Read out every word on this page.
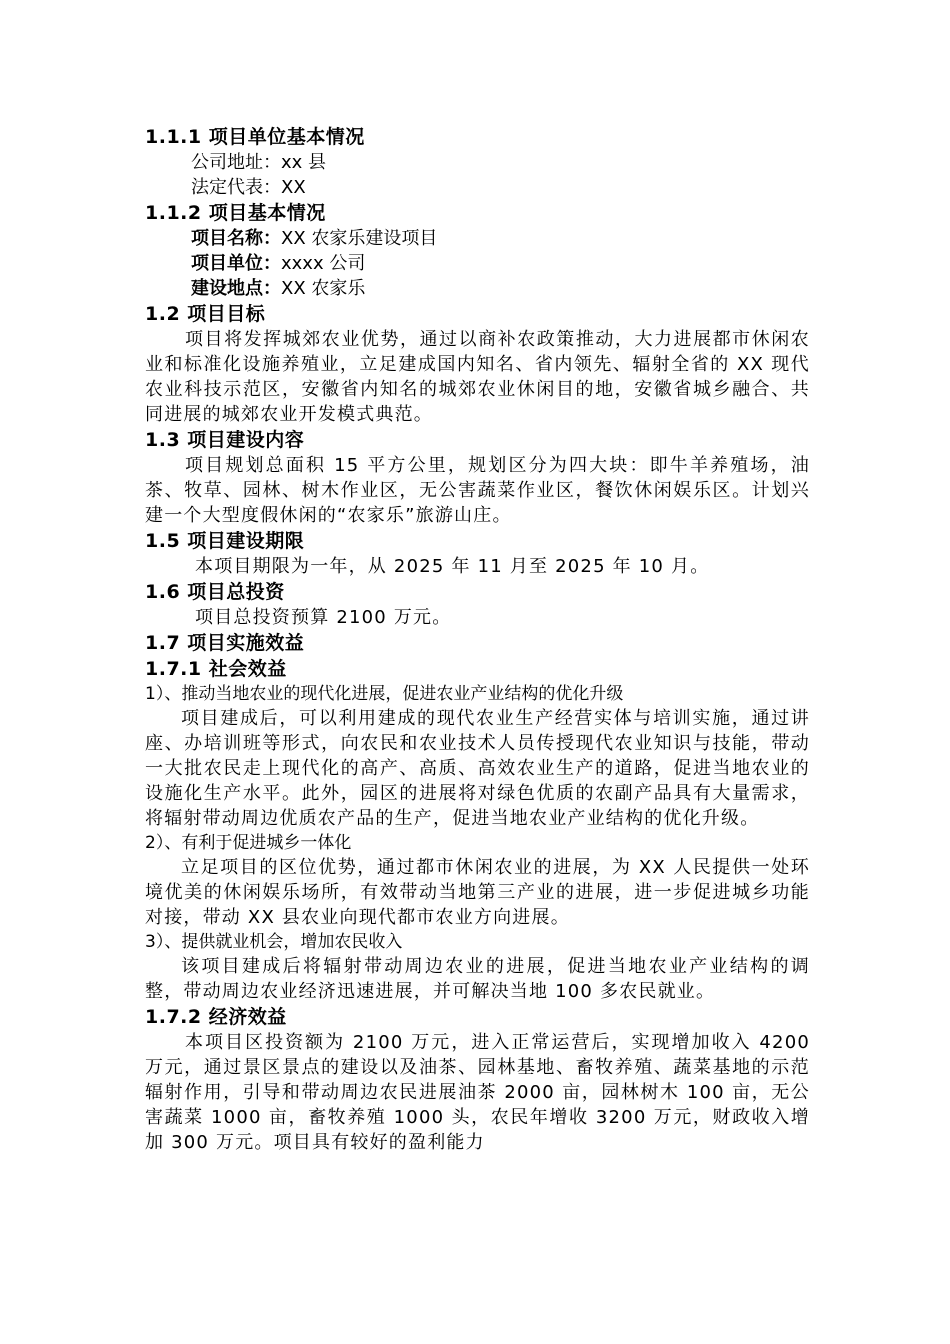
1.1.1 项目单位基本情况
公司地址：xx 县
法定代表：XX
1.1.2 项目基本情况
项目名称：XX 农家乐建设项目
项目单位：xxxx 公司
建设地点：XX 农家乐
1.2 项目目标

项目将发挥城郊农业优势，通过以商补农政策推动，大力进展都市休闲农业和标准化设施养殖业，立足建成国内知名、省内领先、辐射全省的 XX 现代农业科技示范区，安徽省内知名的城郊农业休闲目的地，安徽省城乡融合、共同进展的城郊农业开发模式典范。

1.3 项目建设内容

项目规划总面积 15 平方公里，规划区分为四大块：即牛羊养殖场，油茶、牧草、园林、树木作业区，无公害蔬菜作业区，餐饮休闲娱乐区。计划兴建一个大型度假休闲的“农家乐”旅游山庄。

1.5 项目建设期限

本项目期限为一年，从 2025 年 11 月至 2025 年 10 月。

1.6 项目总投资

项目总投资预算 2100 万元。

1.7 项目实施效益
1.7.1 社会效益
1）、推动当地农业的现代化进展，促进农业产业结构的优化升级

项目建成后，可以利用建成的现代农业生产经营实体与培训实施，通过讲座、办培训班等形式，向农民和农业技术人员传授现代农业知识与技能，带动一大批农民走上现代化的高产、高质、高效农业生产的道路，促进当地农业的设施化生产水平。此外，园区的进展将对绿色优质的农副产品具有大量需求，将辐射带动周边优质农产品的生产，促进当地农业产业结构的优化升级。

2）、有利于促进城乡一体化

立足项目的区位优势，通过都市休闲农业的进展，为 XX 人民提供一处环境优美的休闲娱乐场所，有效带动当地第三产业的进展，进一步促进城乡功能对接，带动 XX 县农业向现代都市农业方向进展。

3）、提供就业机会，增加农民收入

该项目建成后将辐射带动周边农业的进展，促进当地农业产业结构的调整，带动周边农业经济迅速进展，并可解决当地 100 多农民就业。

1.7.2 经济效益

本项目区投资额为 2100 万元，进入正常运营后，实现增加收入 4200 万元，通过景区景点的建设以及油茶、园林基地、畜牧养殖、蔬菜基地的示范辐射作用，引导和带动周边农民进展油茶 2000 亩，园林树木 100 亩，无公害蔬菜 1000 亩，畜牧养殖 1000 头，农民年增收 3200 万元，财政收入增加 300 万元。项目具有较好的盈利能力
